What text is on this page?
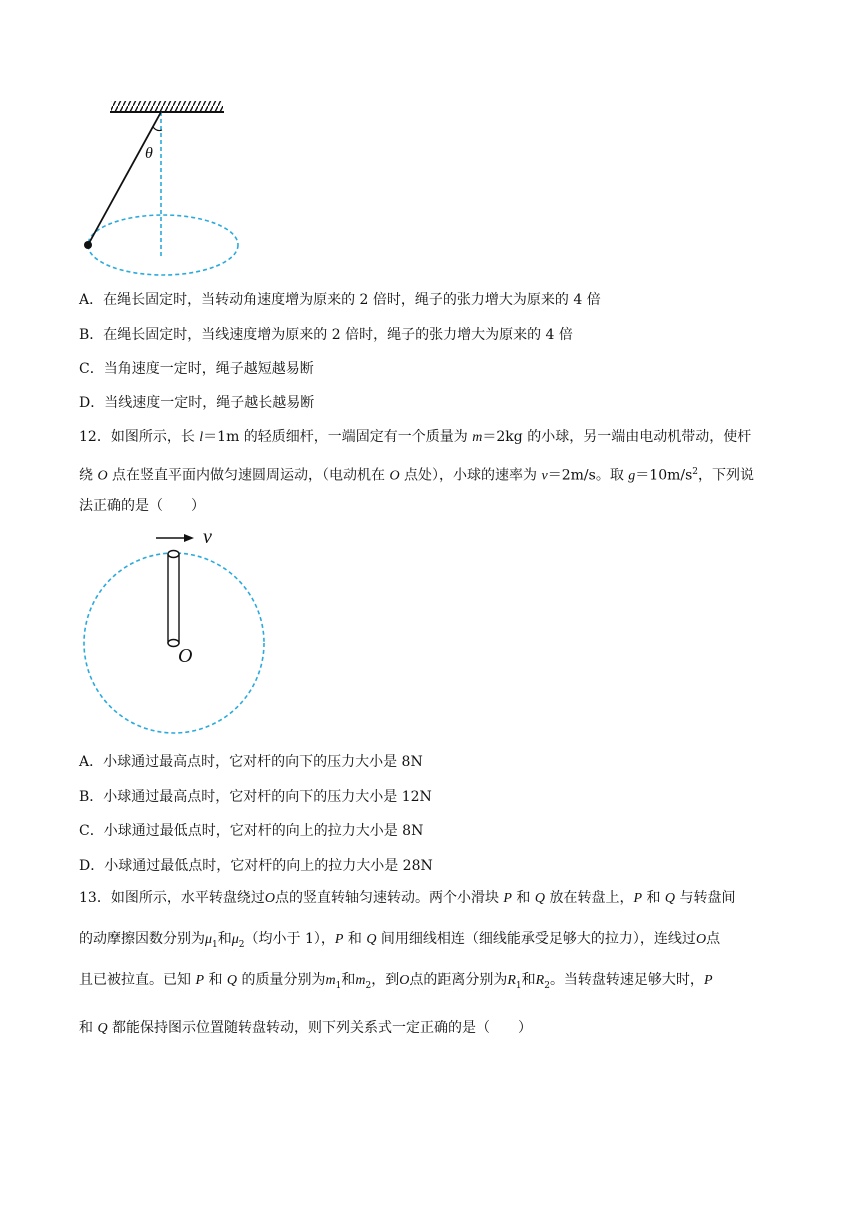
θ
A．在绳长固定时，当转动角速度增为原来的 2 倍时，绳子的张力增大为原来的 4 倍
B．在绳长固定时，当线速度增为原来的 2 倍时，绳子的张力增大为原来的 4 倍
C．当角速度一定时，绳子越短越易断
D．当线速度一定时，绳子越长越易断
12．如图所示，长 l＝1m 的轻质细杆，一端固定有一个质量为 m＝2kg 的小球，另一端由电动机带动，使杆
绕 O 点在竖直平面内做匀速圆周运动，（电动机在 O 点处），小球的速率为 v＝2m/s。取 $g=10m/s^2$，下列说
法正确的是（　　）
v
O
A．小球通过最高点时，它对杆的向下的压力大小是 8N
B．小球通过最高点时，它对杆的向下的压力大小是 12N
C．小球通过最低点时，它对杆的向上的拉力大小是 8N
D．小球通过最低点时，它对杆的向上的拉力大小是 28N
13．如图所示，水平转盘绕过O点的竖直转轴匀速转动。两个小滑块 P 和 Q 放在转盘上，P 和 Q 与转盘间
的动摩擦因数分别为$\mu_1$和$\mu_2$（均小于 1），P 和 Q 间用细线相连（细线能承受足够大的拉力），连线过O点
且已被拉直。已知 P 和 Q 的质量分别为$m_1$和$m_2$，到O点的距离分别为$R_1$和$R_2$。当转盘转速足够大时，P
和 Q 都能保持图示位置随转盘转动，则下列关系式一定正确的是（　　）
